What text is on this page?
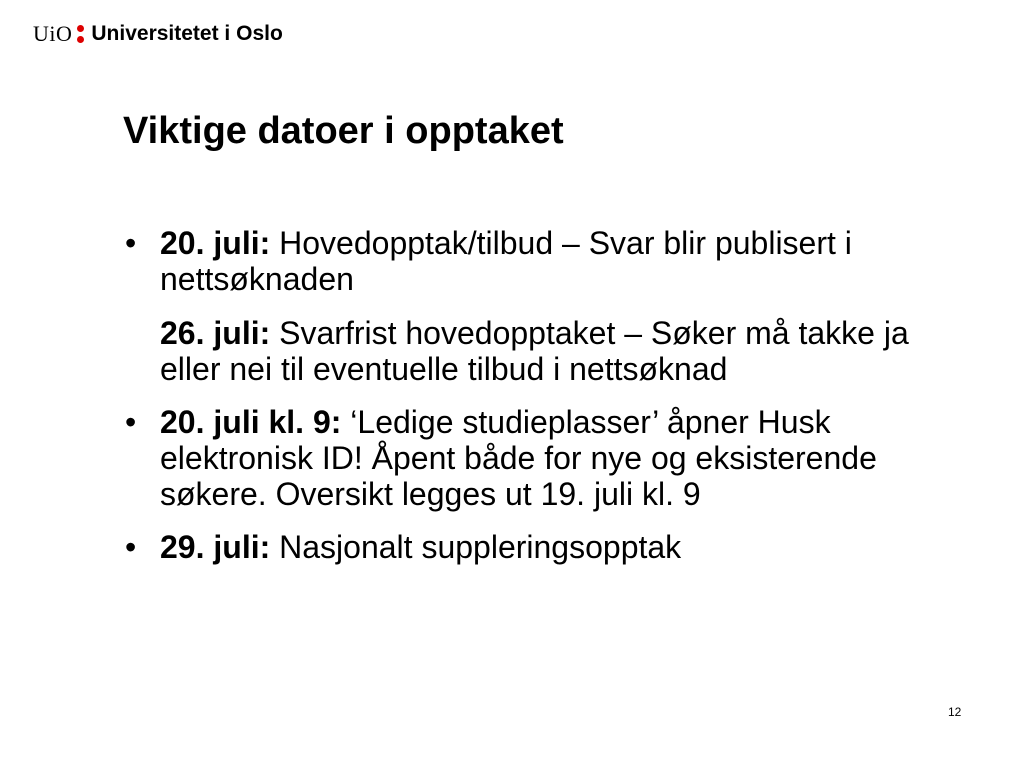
UiO Universitetet i Oslo
Viktige datoer i opptaket
• 20. juli: Hovedopptak/tilbud – Svar blir publisert i nettsøknaden
26. juli: Svarfrist hovedopptaket – Søker må takke ja eller nei til eventuelle tilbud i nettsøknad
• 20. juli kl. 9: ‘Ledige studieplasser’ åpner Husk elektronisk ID! Åpent både for nye og eksisterende søkere. Oversikt legges ut 19. juli kl. 9
• 29. juli: Nasjonalt suppleringsopptak
12
